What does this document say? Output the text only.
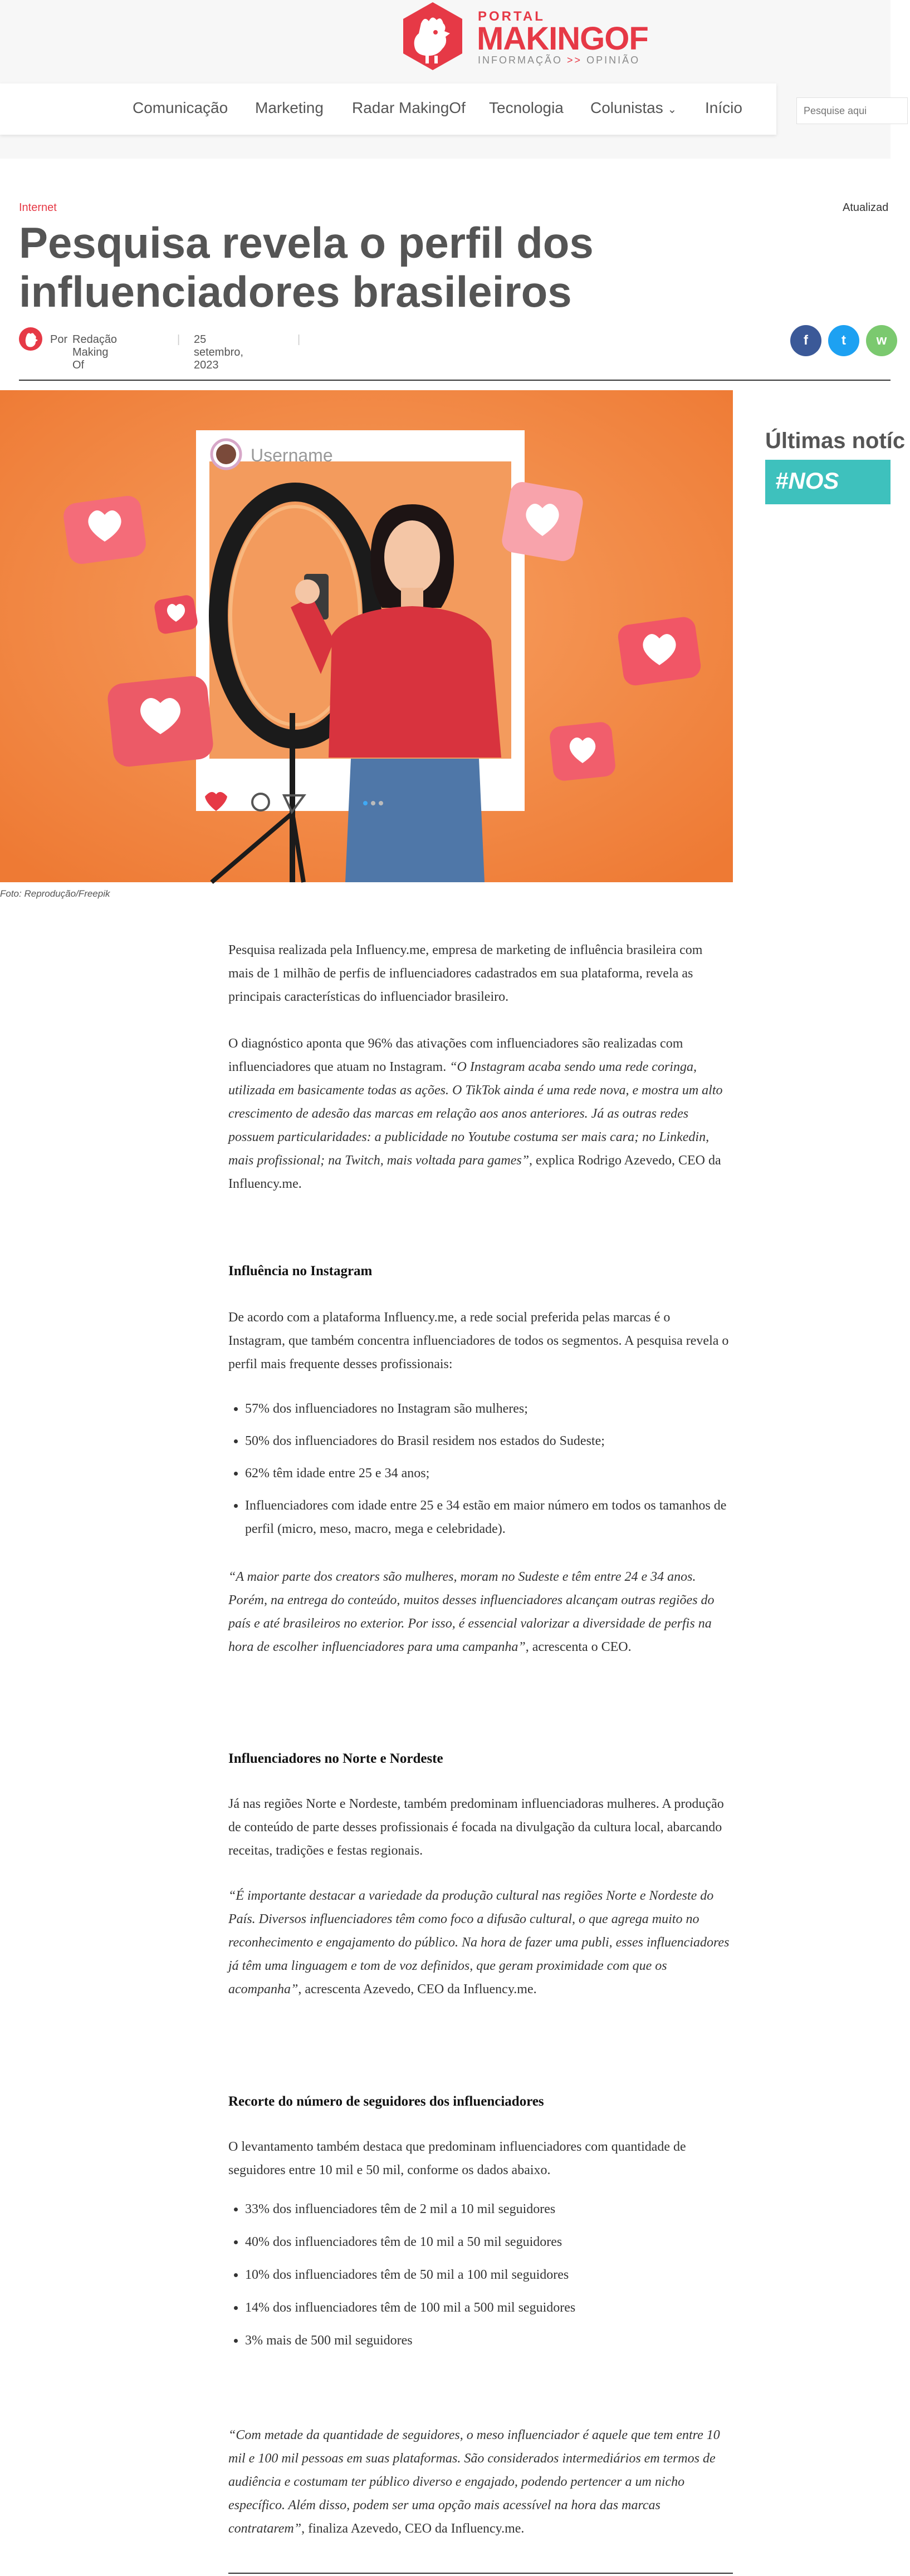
PORTAL
MAKINGOF
INFORMAÇÃO >> OPINIÃO
Comunicação Marketing Radar MakingOf Tecnologia Colunistas ⌄ Início
Pesquise aqui
Internet	Atualizad
Pesquisa revela o perfil dos influenciadores brasileiros
Por Redação Making Of
| 25 setembro, 2023
|	f	t	w
Username
Foto: Reprodução/Freepik
Últimas notíc
#NOS

Pesquisa realizada pela Influency.me, empresa de marketing de influência brasileira com mais de 1 milhão de perfis de influenciadores cadastrados em sua plataforma, revela as principais características do influenciador brasileiro.

O diagnóstico aponta que 96% das ativações com influenciadores são realizadas com influenciadores que atuam no Instagram. “O Instagram acaba sendo uma rede coringa, utilizada em basicamente todas as ações. O TikTok ainda é uma rede nova, e mostra um alto crescimento de adesão das marcas em relação aos anos anteriores. Já as outras redes possuem particularidades: a publicidade no Youtube costuma ser mais cara; no Linkedin, mais profissional; na Twitch, mais voltada para games”, explica Rodrigo Azevedo, CEO da Influency.me.

Influência no Instagram

De acordo com a plataforma Influency.me, a rede social preferida pelas marcas é o Instagram, que também concentra influenciadores de todos os segmentos. A pesquisa revela o perfil mais frequente desses profissionais:

• 57% dos influenciadores no Instagram são mulheres;
• 50% dos influenciadores do Brasil residem nos estados do Sudeste;
• 62% têm idade entre 25 e 34 anos;
• Influenciadores com idade entre 25 e 34 estão em maior número em todos os tamanhos de perfil (micro, meso, macro, mega e celebridade).

“A maior parte dos creators são mulheres, moram no Sudeste e têm entre 24 e 34 anos. Porém, na entrega do conteúdo, muitos desses influenciadores alcançam outras regiões do país e até brasileiros no exterior. Por isso, é essencial valorizar a diversidade de perfis na hora de escolher influenciadores para uma campanha”, acrescenta o CEO.

Influenciadores no Norte e Nordeste

Já nas regiões Norte e Nordeste, também predominam influenciadoras mulheres. A produção de conteúdo de parte desses profissionais é focada na divulgação da cultura local, abarcando receitas, tradições e festas regionais.

“É importante destacar a variedade da produção cultural nas regiões Norte e Nordeste do País. Diversos influenciadores têm como foco a difusão cultural, o que agrega muito no reconhecimento e engajamento do público. Na hora de fazer uma publi, esses influenciadores já têm uma linguagem e tom de voz definidos, que geram proximidade com que os acompanha”, acrescenta Azevedo, CEO da Influency.me.

Recorte do número de seguidores dos influenciadores

O levantamento também destaca que predominam influenciadores com quantidade de seguidores entre 10 mil e 50 mil, conforme os dados abaixo.

• 33% dos influenciadores têm de 2 mil a 10 mil seguidores
• 40% dos influenciadores têm de 10 mil a 50 mil seguidores
• 10% dos influenciadores têm de 50 mil a 100 mil seguidores
• 14% dos influenciadores têm de 100 mil a 500 mil seguidores
• 3% mais de 500 mil seguidores

“Com metade da quantidade de seguidores, o meso influenciador é aquele que tem entre 10 mil e 100 mil pessoas em suas plataformas. São considerados intermediários em termos de audiência e costumam ter público diverso e engajado, podendo pertencer a um nicho específico. Além disso, podem ser uma opção mais acessível na hora das marcas contratarem”, finaliza Azevedo, CEO da Influency.me.
